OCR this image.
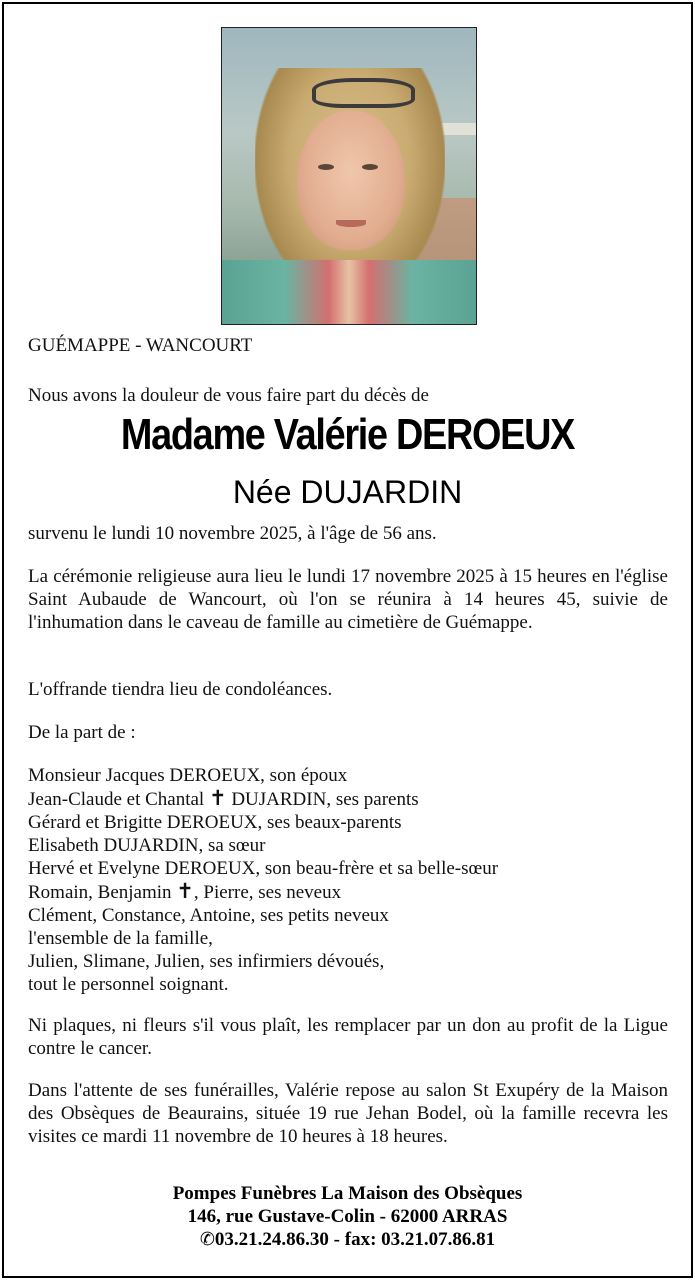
GUÉMAPPE - WANCOURT
Nous avons la douleur de vous faire part du décès de
Madame Valérie DEROEUX
Née DUJARDIN
survenu le lundi 10 novembre 2025, à l'âge de 56 ans.
La cérémonie religieuse aura lieu le lundi 17 novembre 2025 à 15 heures en l'église Saint Aubaude de Wancourt, où l'on se réunira à 14 heures 45, suivie de l'inhumation dans le caveau de famille au cimetière de Guémappe.
L'offrande tiendra lieu de condoléances.
De la part de :
Monsieur Jacques DEROEUX, son époux
Jean-Claude et Chantal ✝ DUJARDIN, ses parents
Gérard et Brigitte DEROEUX, ses beaux-parents
Elisabeth DUJARDIN, sa sœur
Hervé et Evelyne DEROEUX, son beau-frère et sa belle-sœur
Romain, Benjamin ✝, Pierre, ses neveux
Clément, Constance, Antoine, ses petits neveux
l'ensemble de la famille,
Julien, Slimane, Julien, ses infirmiers dévoués,
tout le personnel soignant.
Ni plaques, ni fleurs s'il vous plaît, les remplacer par un don au profit de la Ligue contre le cancer.
Dans l'attente de ses funérailles, Valérie repose au salon St Exupéry de la Maison des Obsèques de Beaurains, située 19 rue Jehan Bodel, où la famille recevra les visites ce mardi 11 novembre de 10 heures à 18 heures.
Pompes Funèbres La Maison des Obsèques
146, rue Gustave-Colin - 62000 ARRAS
✆03.21.24.86.30 - fax: 03.21.07.86.81
